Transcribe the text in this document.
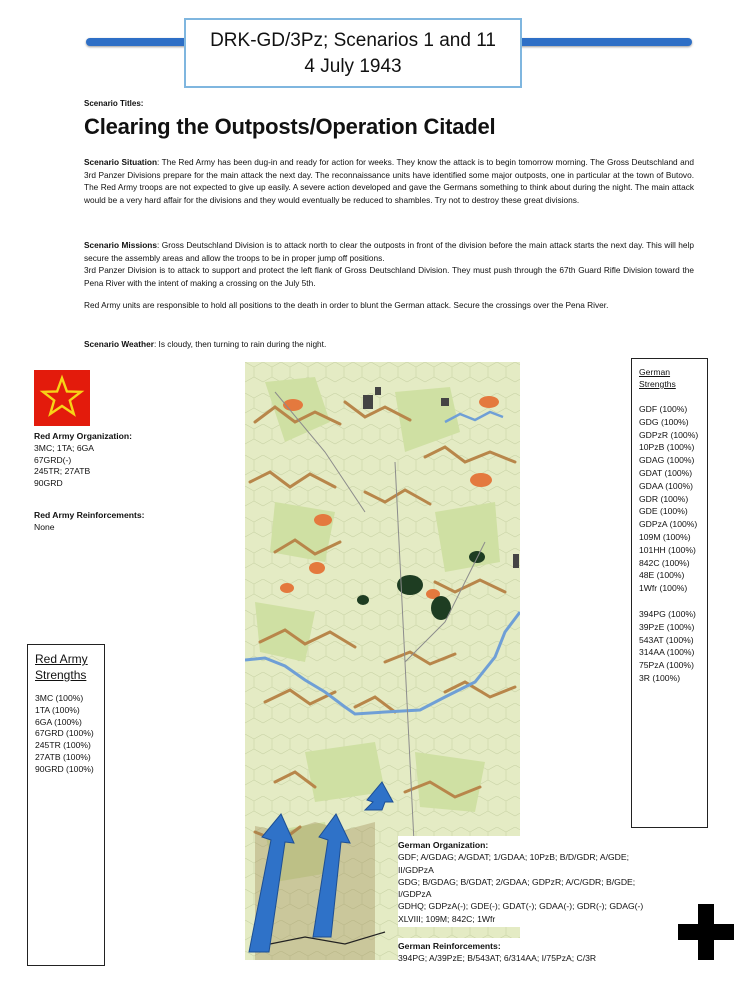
DRK-GD/3Pz; Scenarios 1 and 11
4 July 1943
Scenario Titles:
Clearing the Outposts/Operation Citadel
Scenario Situation: The Red Army has been dug-in and ready for action for weeks. They know the attack is to begin tomorrow morning. The Gross Deutschland and 3rd Panzer Divisions prepare for the main attack the next day. The reconnaissance units have identified some major outposts, one in particular at the town of Butovo. The Red Army troops are not expected to give up easily. A severe action developed and gave the Germans something to think about during the night. The main attack would be a very hard affair for the divisions and they would eventually be reduced to shambles. Try not to destroy these great divisions.
Scenario Missions: Gross Deutschland Division is to attack north to clear the outposts in front of the division before the main attack starts the next day. This will help secure the assembly areas and allow the troops to be in proper jump off positions.
3rd Panzer Division is to attack to support and protect the left flank of Gross Deutschland Division. They must push through the 67th Guard Rifle Division toward the Pena River with the intent of making a crossing on the July 5th.
Red Army units are responsible to hold all positions to the death in order to blunt the German attack. Secure the crossings over the Pena River.
Scenario Weather: Is cloudy, then turning to rain during the night.
Red Army Organization:
3MC; 1TA; 6GA
67GRD(-)
245TR; 27ATB
90GRD
Red Army Reinforcements:
None
Red Army
Strengths
3MC (100%)
1TA (100%)
6GA (100%)
67GRD (100%)
245TR (100%)
27ATB (100%)
90GRD (100%)
German Strengths
GDF (100%)
GDG (100%)
GDPzR (100%)
10PzB (100%)
GDAG (100%)
GDAT (100%)
GDAA (100%)
GDR (100%)
GDE (100%)
GDPzA (100%)
109M (100%)
101HH (100%)
842C (100%)
48E (100%)
1Wfr (100%)
394PG (100%)
39PzE (100%)
543AT (100%)
314AA (100%)
75PzA (100%)
3R (100%)
German Organization:
GDF; A/GDAG; A/GDAT; 1/GDAA; 10PzB; B/D/GDR; A/GDE; II/GDPzA
GDG; B/GDAG; B/GDAT; 2/GDAA; GDPzR; A/C/GDR; B/GDE; I/GDPzA
GDHQ; GDPzA(-); GDE(-); GDAT(-); GDAA(-); GDR(-); GDAG(-) XLVIII; 109M; 842C; 1Wfr
German Reinforcements:
394PG; A/39PzE; B/543AT; 6/314AA; I/75PzA; C/3R
